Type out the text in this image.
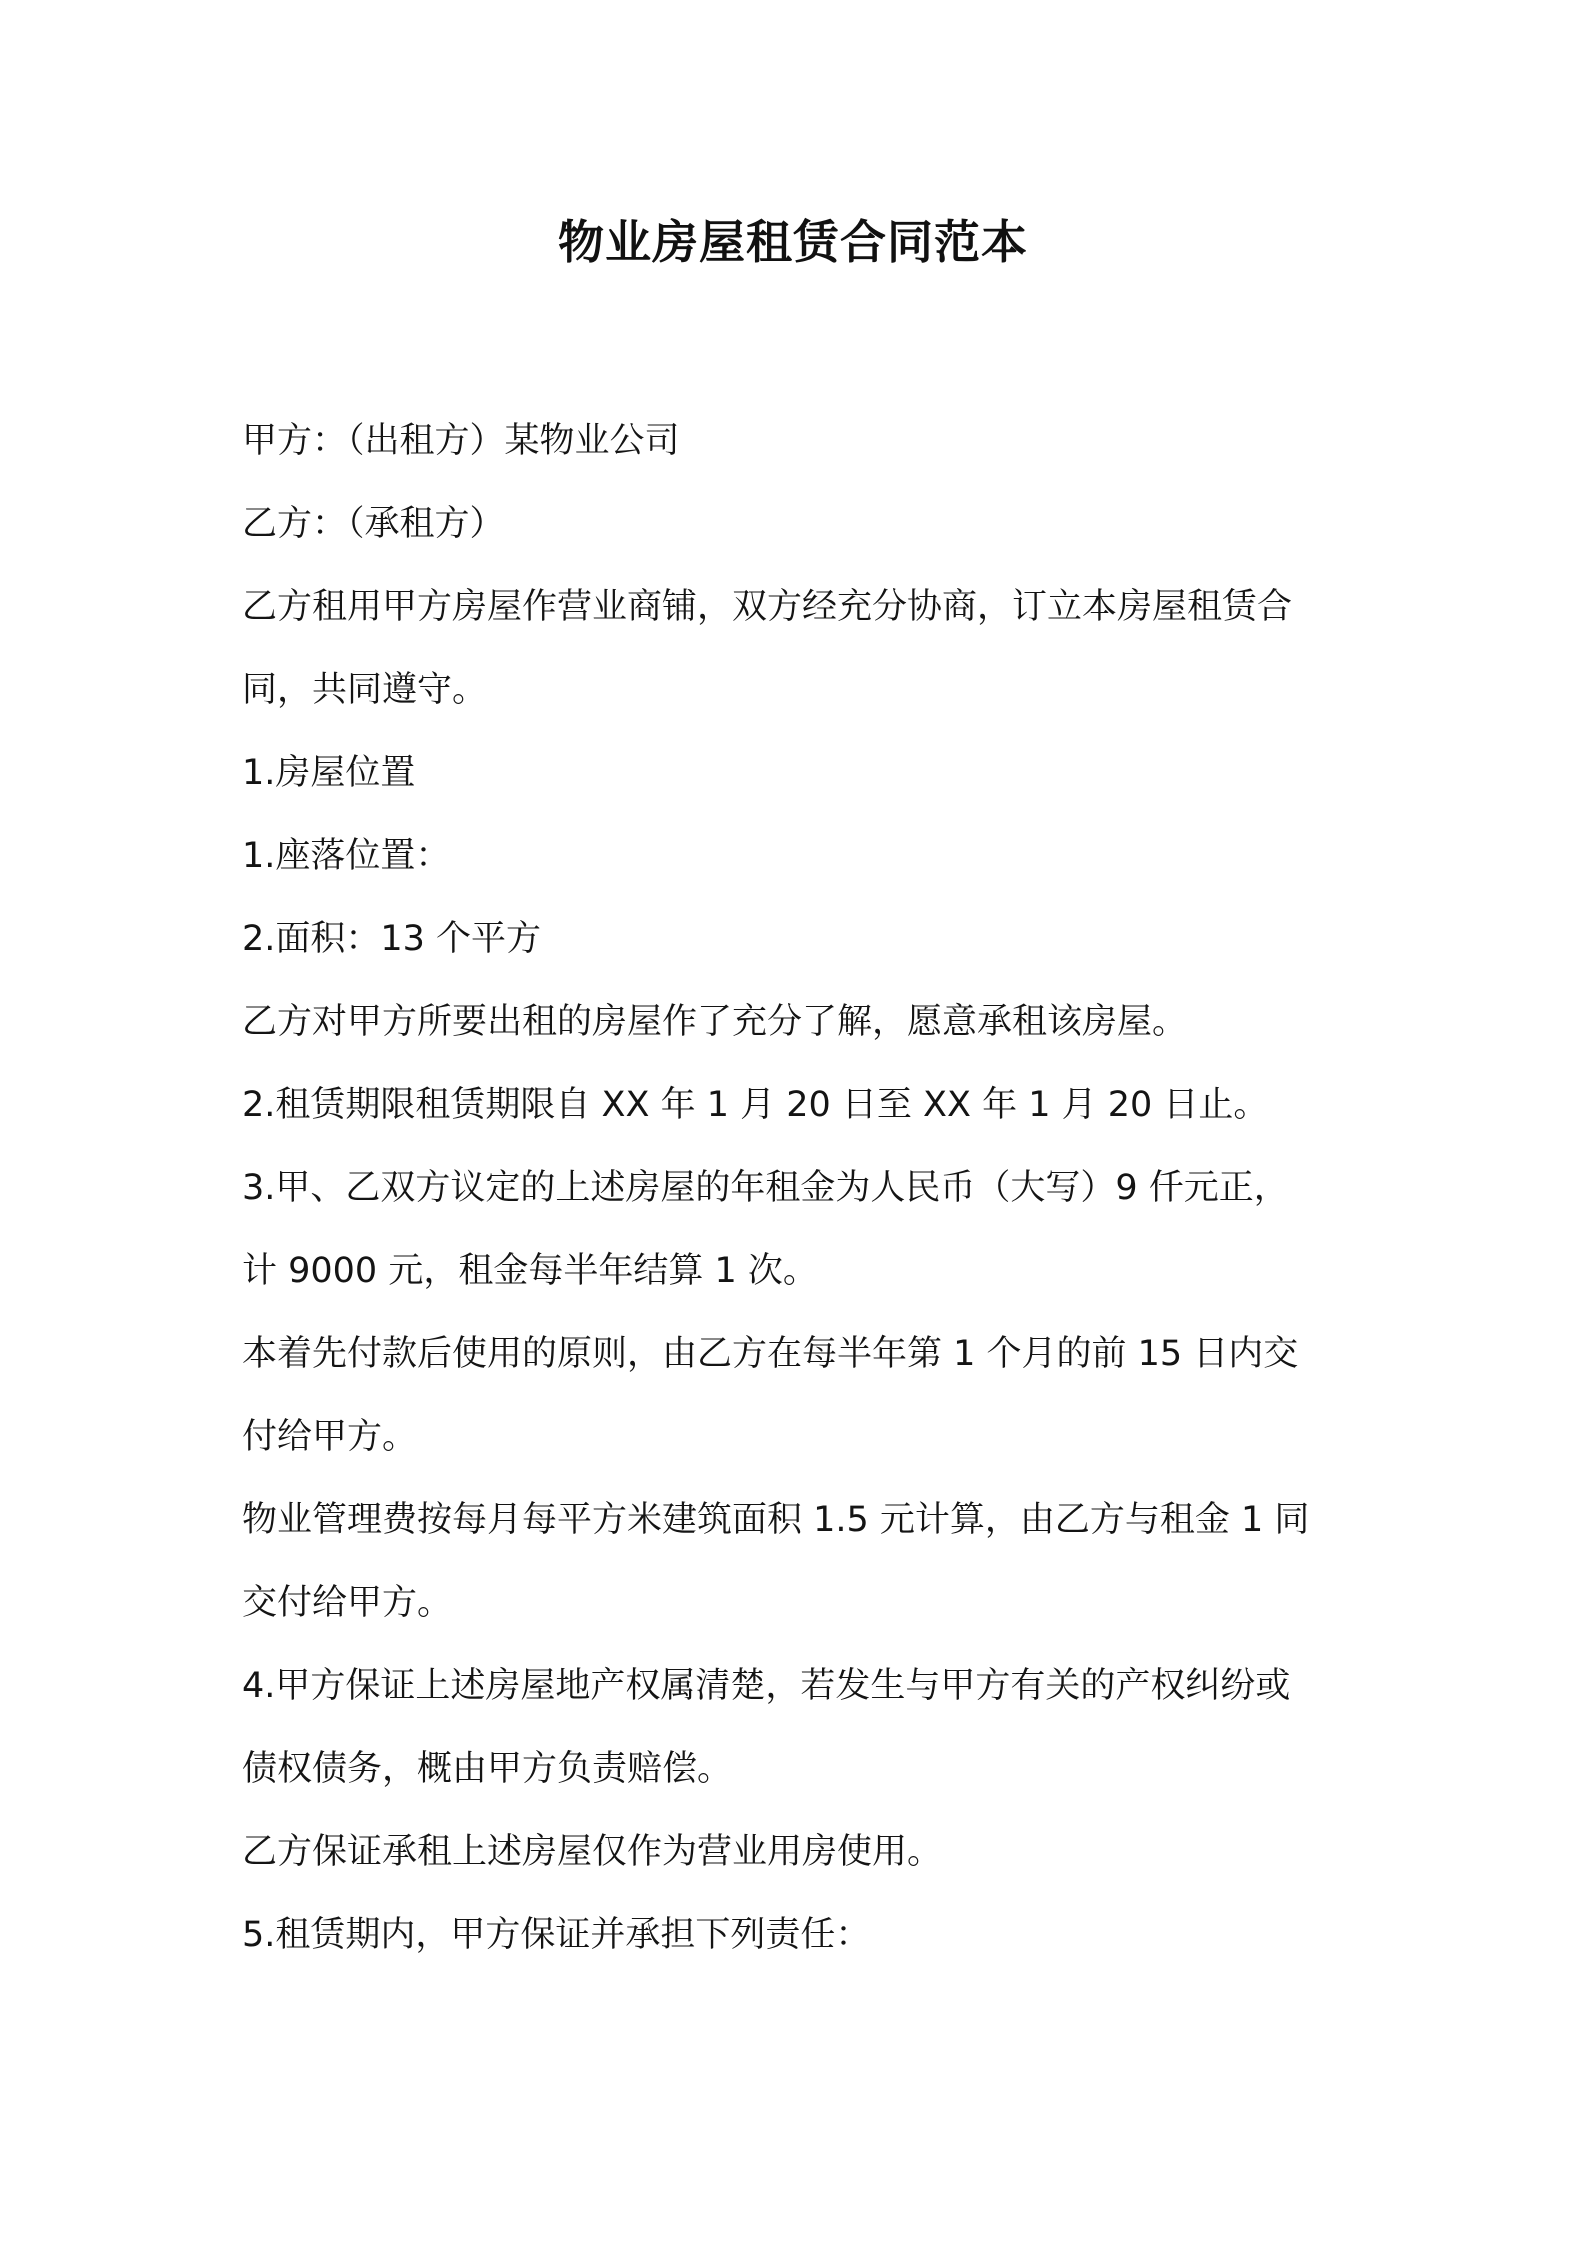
物业房屋租赁合同范本

甲方：（出租方）某物业公司

乙方：（承租方）

乙方租用甲方房屋作营业商铺，双方经充分协商，订立本房屋租赁合

同，共同遵守。

1.房屋位置

1.座落位置：

2.面积：13 个平方

乙方对甲方所要出租的房屋作了充分了解，愿意承租该房屋。

2.租赁期限租赁期限自 XX 年 1 月 20 日至 XX 年 1 月 20 日止。

3.甲、乙双方议定的上述房屋的年租金为人民币（大写）9 仟元正，

计 9000 元，租金每半年结算 1 次。

本着先付款后使用的原则，由乙方在每半年第 1 个月的前 15 日内交

付给甲方。

物业管理费按每月每平方米建筑面积 1.5 元计算，由乙方与租金 1 同

交付给甲方。

4.甲方保证上述房屋地产权属清楚，若发生与甲方有关的产权纠纷或

债权债务，概由甲方负责赔偿。

乙方保证承租上述房屋仅作为营业用房使用。

5.租赁期内，甲方保证并承担下列责任：
